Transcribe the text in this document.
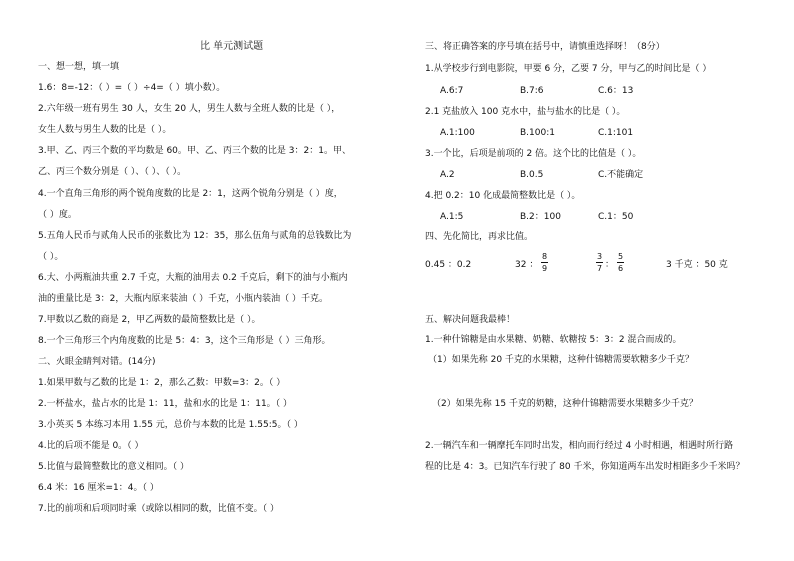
比 单元测试题
一、想一想，填一填
1.6：8=-12：（ ）=（ ）÷4=（ ）填小数）。
2.六年级一班有男生 30 人，女生 20 人，男生人数与全班人数的比是（ ），
女生人数与男生人数的比是（ ）。
3.甲、乙、丙三个数的平均数是 60。甲、乙、丙三个数的比是 3：2：1。甲、
乙、丙三个数分别是（ ）、（ ）、（ ）。
4.一个直角三角形的两个锐角度数的比是 2：1，这两个锐角分别是（ ）度，
（ ）度。
5.五角人民币与贰角人民币的张数比为 12：35，那么伍角与贰角的总钱数比为
（ ）。
6.大、小两瓶油共重 2.7 千克，大瓶的油用去 0.2 千克后，剩下的油与小瓶内
油的重量比是 3：2，大瓶内原来装油（ ）千克，小瓶内装油（ ）千克。
7.甲数以乙数的商是 2，甲乙两数的最简整数比是（ ）。
8.一个三角形三个内角度数的比是 5：4：3，这个三角形是（ ）三角形。
二、火眼金睛判对错。(14分)
1.如果甲数与乙数的比是 1：2，那么乙数：甲数=3：2。（ ）
2.一杯盐水，盐占水的比是 1：11，盐和水的比是 1：11。（ ）
3.小英买 5 本练习本用 1.55 元，总价与本数的比是 1.55:5。（ ）
4.比的后项不能是 0。（ ）
5.比值与最简整数比的意义相同。（ ）
6.4 米：16 厘米=1：4。（ ）
7.比的前项和后项同时乘（或除以相同的数，比值不变。（ ）
三、将正确答案的序号填在括号中，请慎重选择呀！（8分）
1.从学校步行到电影院，甲要 6 分，乙要 7 分，甲与乙的时间比是（ ）
A.6:7	B.7:6	C.6：13
2.1 克盐放入 100 克水中，盐与盐水的比是（ ）。
A.1:100	B.100:1	C.1:101
3.一个比，后项是前项的 2 倍。这个比的比值是（ ）。
A.2	B.0.5	C.不能确定
4.把 0.2：10 化成最简整数比是（ ）。
A.1:5	B.2：100	C.1：50
四、先化简比，再求比值。
0.45 ：0.2	32 ：
8
9
3
7 ：
5
6	3 千克 ：50 克
五、解决问题我最棒！
1.一种什锦糖是由水果糖、奶糖、软糖按 5：3：2 混合而成的。
（1）如果先称 20 千克的水果糖，这种什锦糖需要软糖多少千克？
（2）如果先称 15 千克的奶糖，这种什锦糖需要水果糖多少千克？
2.一辆汽车和一辆摩托车同时出发，相向而行经过 4 小时相遇，相遇时所行路
程的比是 4：3。已知汽车行驶了 80 千米，你知道两车出发时相距多少千米吗？
